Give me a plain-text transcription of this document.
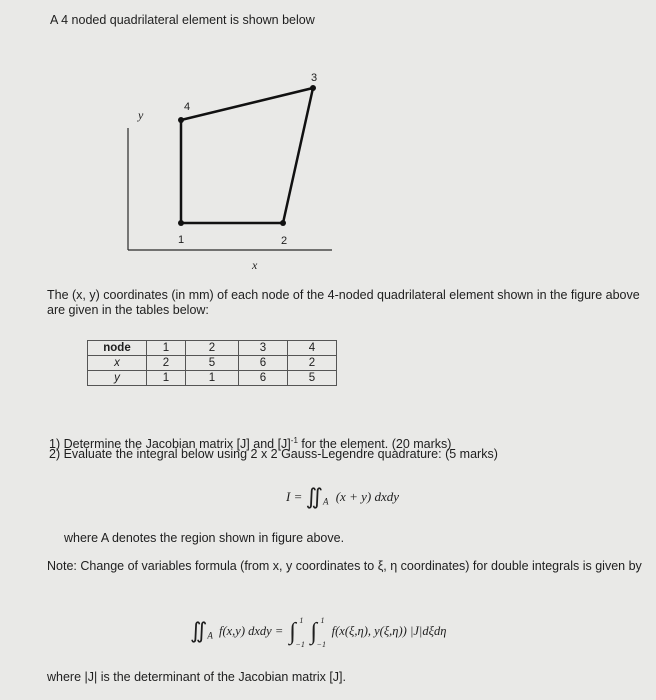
A 4 noded quadrilateral element is shown below
y
x
1	2
3
4
The (x, y) coordinates (in mm) of each node of the 4-noded quadrilateral element shown in the figure above are given in the tables below:
node	1	2	3	4
x	2	5	6	2
y	1	1	6	5
1) Determine the Jacobian matrix [J] and $[J]^{-1}$ for the element. (20 marks)
2) Evaluate the integral below using 2 x 2 Gauss-Legendre quadrature: (5 marks)
$I = ∬_A$ (x + y) dxdy
where A denotes the region shown in figure above.
Note: Change of variables formula (from x, y coordinates to ξ, η coordinates) for double integrals is given by
$∬_A$ f(x,y) dxdy = ∫ 1
−1 ∫ 1
−1
f(x(ξ,η), y(ξ,η)) |J|dξdη
where |J| is the determinant of the Jacobian matrix [J].
